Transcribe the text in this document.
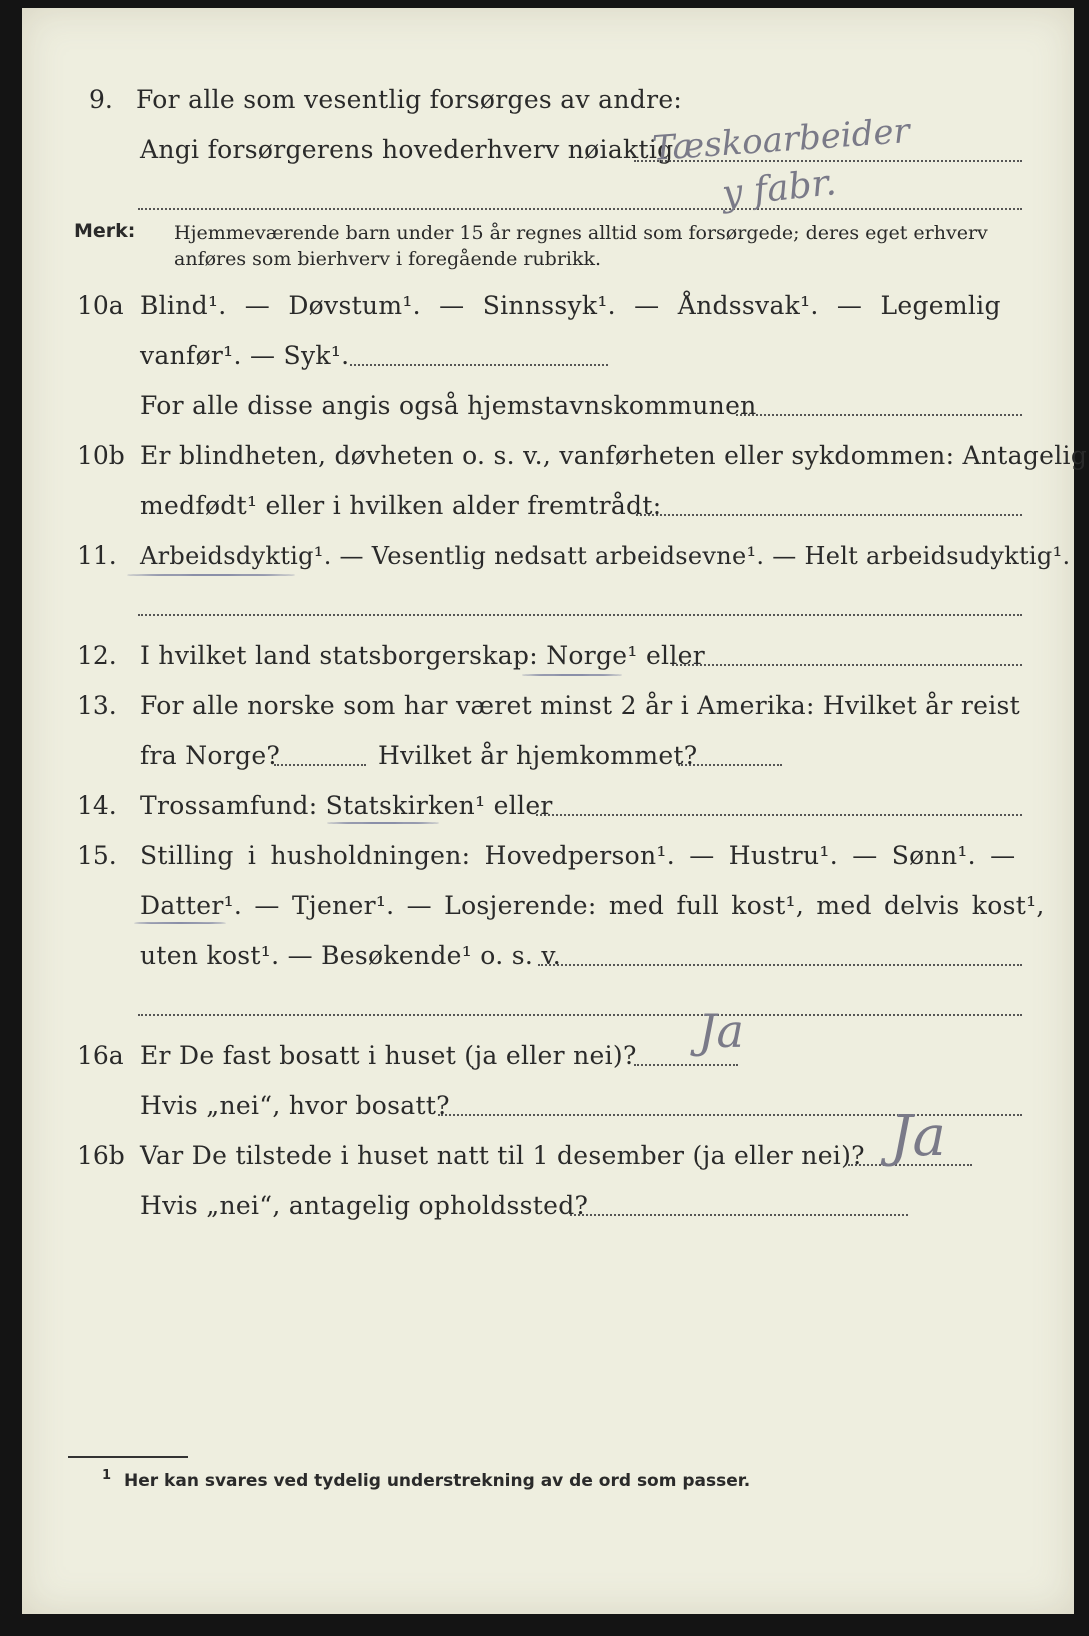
9. For alle som vesentlig forsørges av andre:
Angi forsørgerens hovederhverv nøiaktig
Tæskoarbeider
y fabr.
Merk: Hjemmeværende barn under 15 år regnes alltid som forsørgede; deres eget erhverv
anføres som bierhverv i foregående rubrikk.
10a Blind¹. — Døvstum¹. — Sinnssyk¹. — Åndssvak¹. — Legemlig
vanfør¹. — Syk¹.
For alle disse angis også hjemstavnskommunen
10b Er blindheten, døvheten o. s. v., vanførheten eller sykdommen: Antagelig
medfødt¹ eller i hvilken alder fremtrådt:
11. Arbeidsdyktig¹. — Vesentlig nedsatt arbeidsevne¹. — Helt arbeidsudyktig¹.
12. I hvilket land statsborgerskap: Norge¹ eller
13. For alle norske som har været minst 2 år i Amerika: Hvilket år reist
fra Norge?	Hvilket år hjemkommet?
14. Trossamfund: Statskirken¹ eller
15. Stilling i husholdningen: Hovedperson¹. — Hustru¹. — Sønn¹. —
Datter¹. — Tjener¹. — Losjerende: med full kost¹, med delvis kost¹,
uten kost¹. — Besøkende¹ o. s. v.
16a Er De fast bosatt i huset (ja eller nei)? Ja
Hvis „nei“, hvor bosatt?
16b Var De tilstede i huset natt til 1 desember (ja eller nei)? Ja
Hvis „nei“, antagelig opholdssted?
1 Her kan svares ved tydelig understrekning av de ord som passer.
